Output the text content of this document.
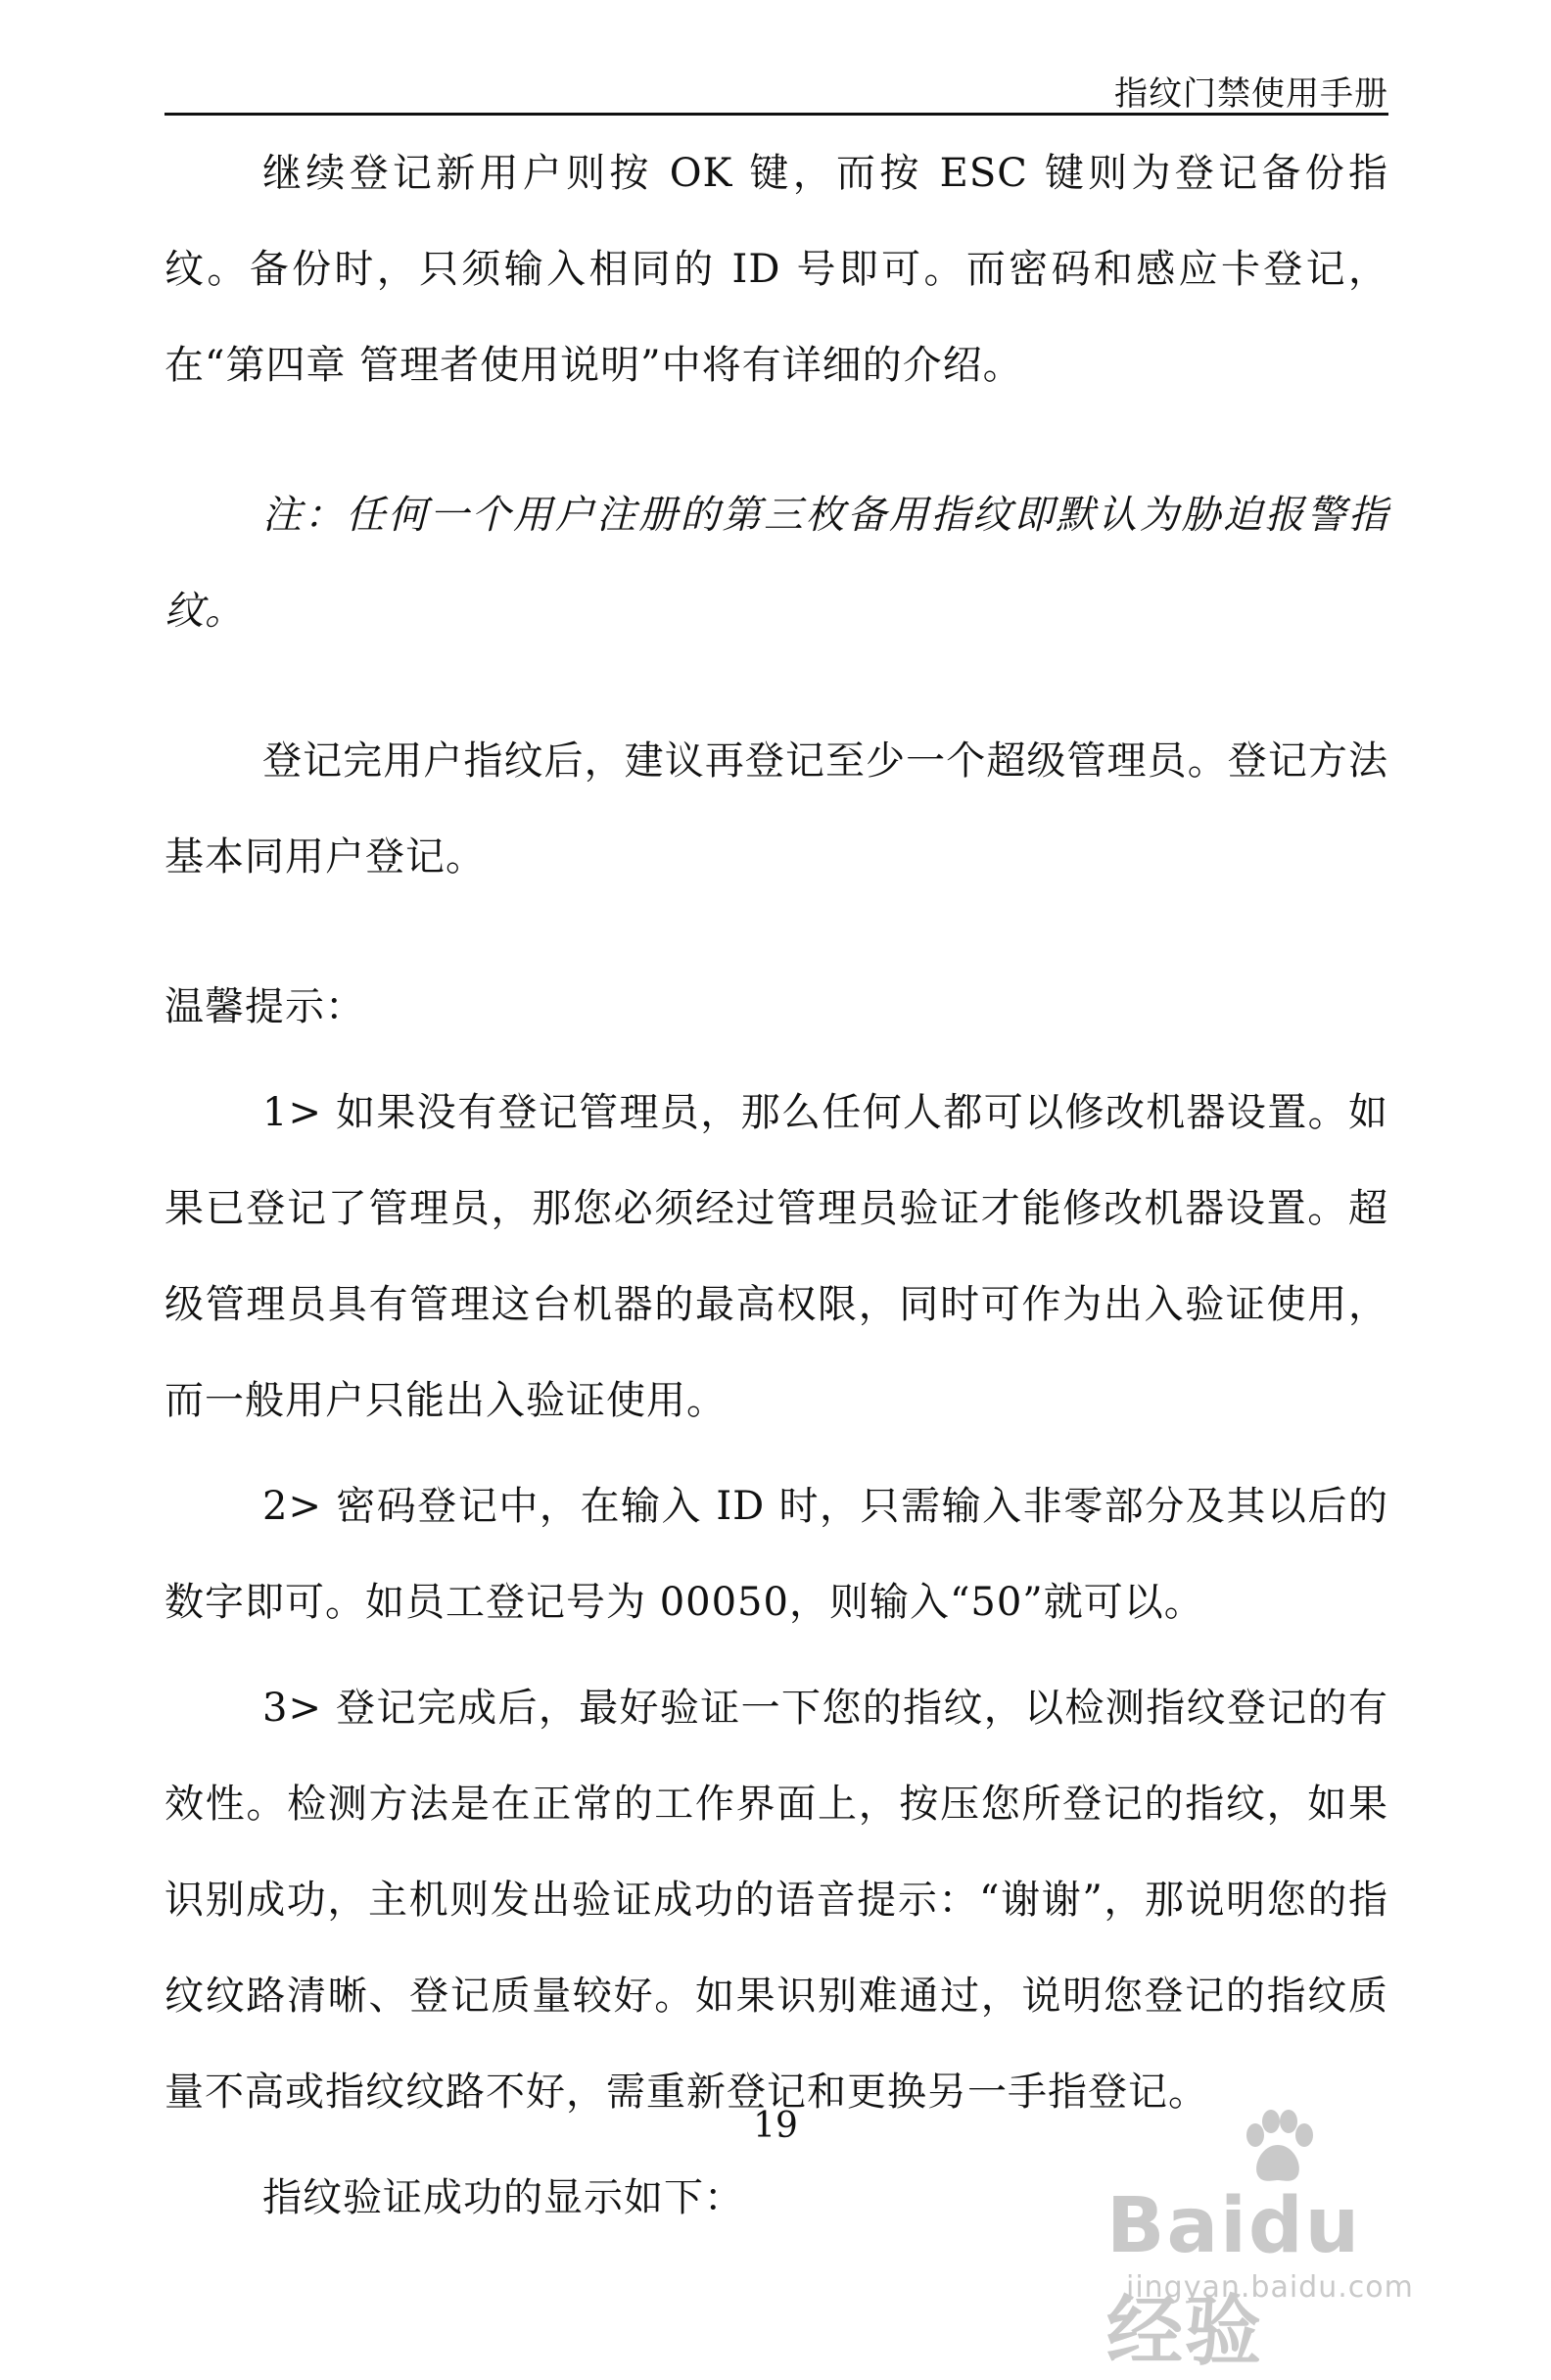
指纹门禁使用手册

继续登记新用户则按 OK 键，而按 ESC 键则为登记备份指纹。备份时，只须输入相同的 ID 号即可。而密码和感应卡登记，在“第四章 管理者使用说明”中将有详细的介绍。

注：任何一个用户注册的第三枚备用指纹即默认为胁迫报警指纹。

登记完用户指纹后，建议再登记至少一个超级管理员。登记方法基本同用户登记。

温馨提示：

1> 如果没有登记管理员，那么任何人都可以修改机器设置。如果已登记了管理员，那您必须经过管理员验证才能修改机器设置。超级管理员具有管理这台机器的最高权限，同时可作为出入验证使用，而一般用户只能出入验证使用。

2> 密码登记中，在输入 ID 时，只需输入非零部分及其以后的数字即可。如员工登记号为 00050，则输入“50”就可以。

3> 登记完成后，最好验证一下您的指纹，以检测指纹登记的有效性。检测方法是在正常的工作界面上，按压您所登记的指纹，如果识别成功，主机则发出验证成功的语音提示：“谢谢”，那说明您的指纹纹路清晰、登记质量较好。如果识别难通过，说明您登记的指纹质量不高或指纹纹路不好，需重新登记和更换另一手指登记。

指纹验证成功的显示如下：

19
Baidu经验
jingyan.baidu.com
